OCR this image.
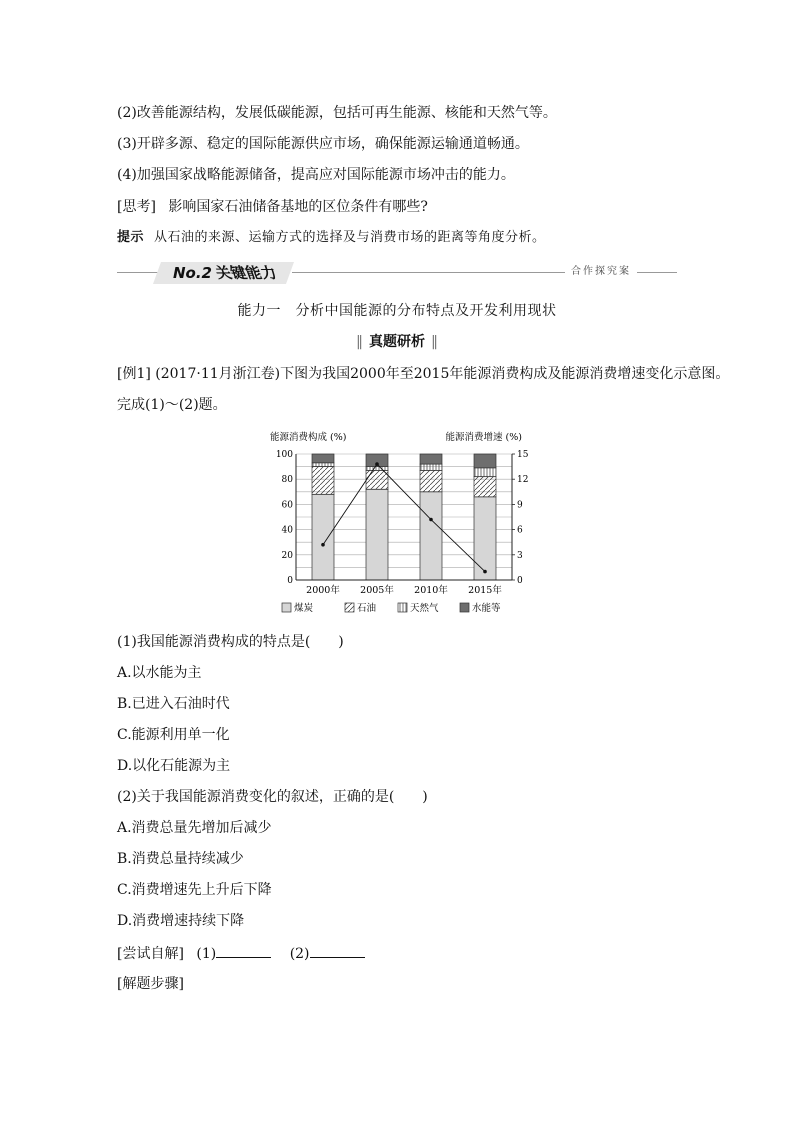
(2)改善能源结构，发展低碳能源，包括可再生能源、核能和天然气等。
(3)开辟多源、稳定的国际能源供应市场，确保能源运输通道畅通。
(4)加强国家战略能源储备，提高应对国际能源市场冲击的能力。
[思考] 影响国家石油储备基地的区位条件有哪些?
提示 从石油的来源、运输方式的选择及与消费市场的距离等角度分析。
No.2关键能力	合作探究案
能力一　分析中国能源的分布特点及开发利用现状
‖ 真题研析 ‖
[例1] (2017·11月浙江卷)下图为我国2000年至2015年能源消费构成及能源消费增速变化示意图。
完成(1)～(2)题。
能源消费构成 (%)	能源消费增速 (%)
0
20
40
60
80
100
0
3
6
9
12
15
2000年 2005年 2010年 2015年
煤炭	石油	天然气	水能等
(1)我国能源消费构成的特点是(　　)
A.以水能为主
B.已进入石油时代
C.能源利用单一化
D.以化石能源为主
(2)关于我国能源消费变化的叙述，正确的是(　　)
A.消费总量先增加后减少
B.消费总量持续减少
C.消费增速先上升后下降
D.消费增速持续下降
[尝试自解] (1)	(2)
[解题步骤]
